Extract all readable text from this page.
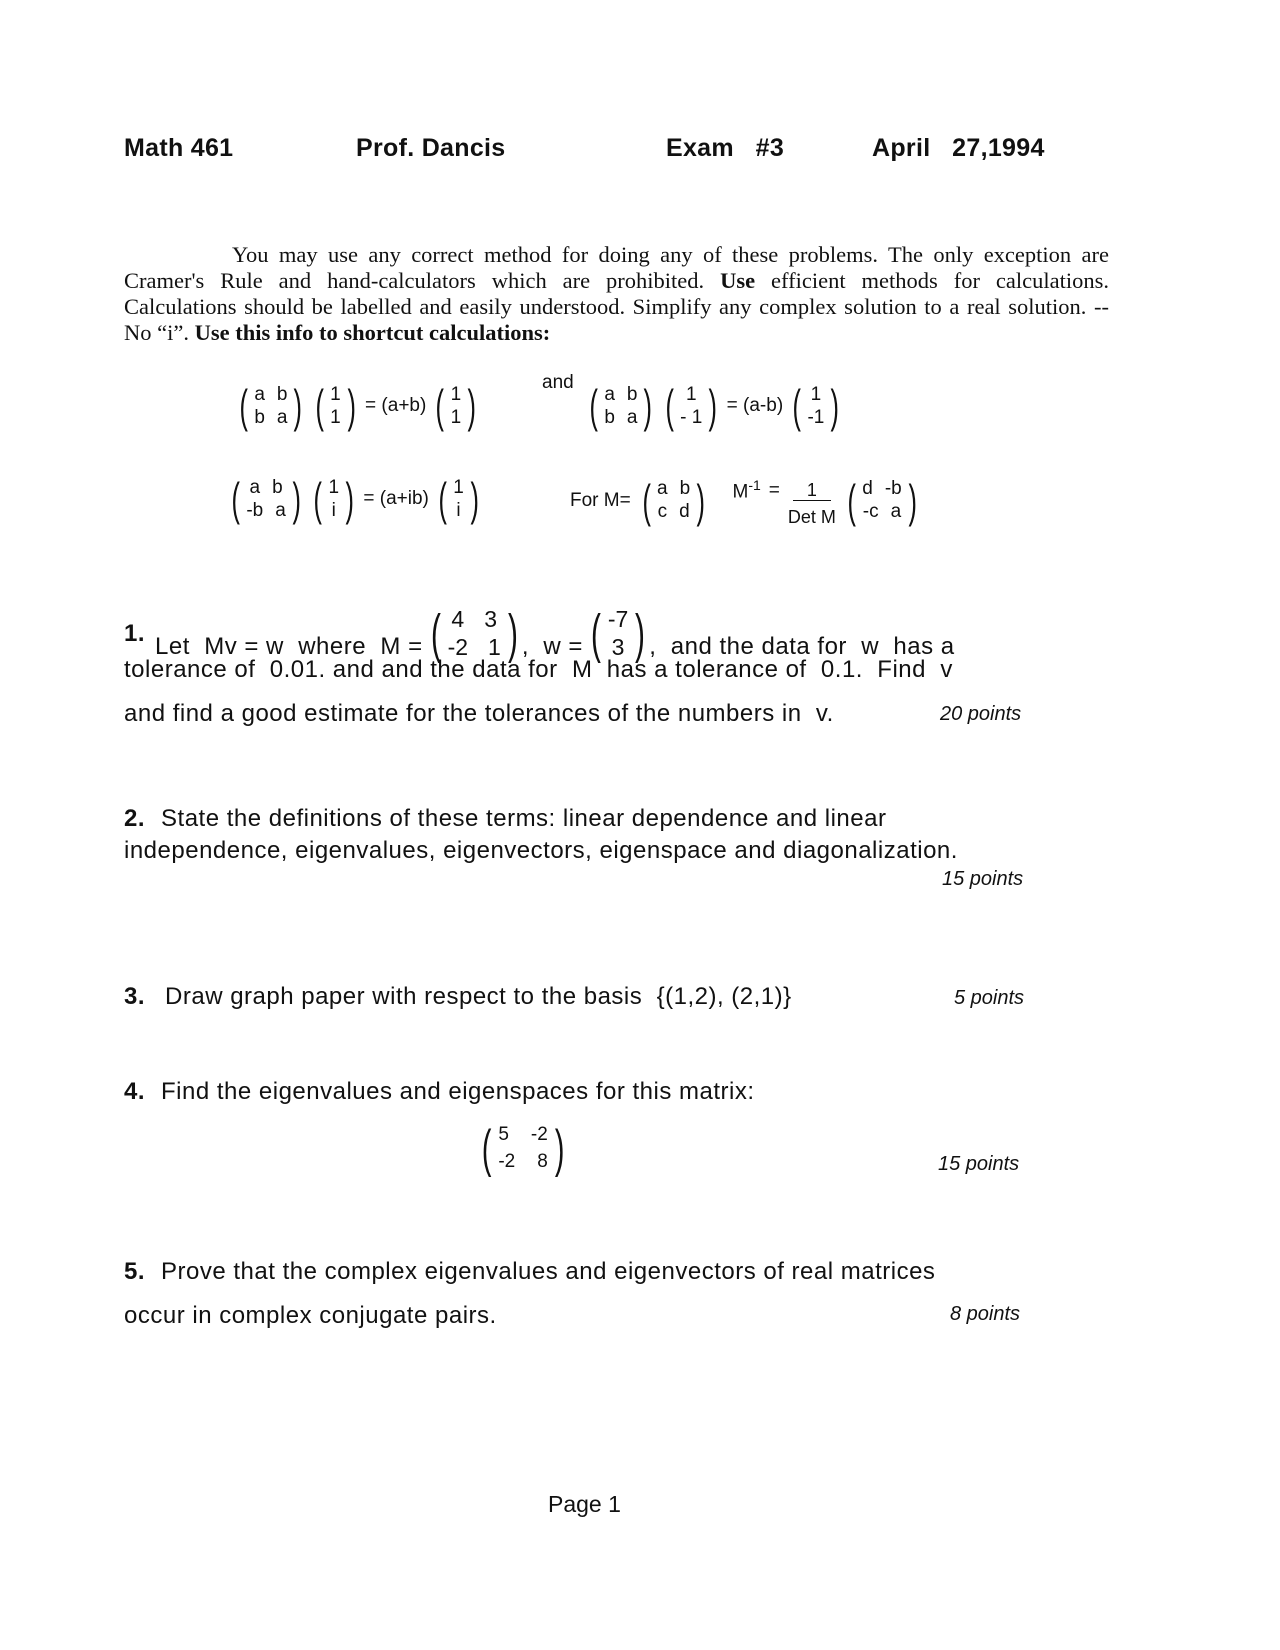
Math 461	Prof. Dancis	Exam   #3	April   27,1994
You may use any correct method for doing any of these problems. The only exception are Cramer's Rule and hand-calculators which are prohibited. Use efficient methods for calculations. Calculations should be labelled and easily understood. Simplify any complex solution to a real solution. -- No “i”. Use this info to shortcut calculations:
( a b
b a ) ( 1
1 ) = (a+b) ( 1
1 )	and ( a b
b a ) ( 1
- 1 ) = (a-b) ( 1
-1 )
( a b
-b a ) ( 1
i ) = (a+ib) ( 1
i )	For M= ( a b
c d ) $M^{-1}$ =	1
Det M ( d -b
-c a )
1. Let  Mv = w  where  M = ( 4 3
-2 1 ) ,  w = ( -7
3 ) ,  and the data for  w  has a
tolerance of  0.01. and and the data for  M  has a tolerance of  0.1.  Find  v
and find a good estimate for the tolerances of the numbers in  v.	20 points
2. State the definitions of these terms: linear dependence and linear
independence, eigenvalues, eigenvectors, eigenspace and diagonalization.
15 points
3. Draw graph paper with respect to the basis  {(1,2), (2,1)}	5 points
4. Find the eigenvalues and eigenspaces for this matrix:
( 5 -2
-2 8 )	15 points
5. Prove that the complex eigenvalues and eigenvectors of real matrices
occur in complex conjugate pairs.	8 points
Page 1
